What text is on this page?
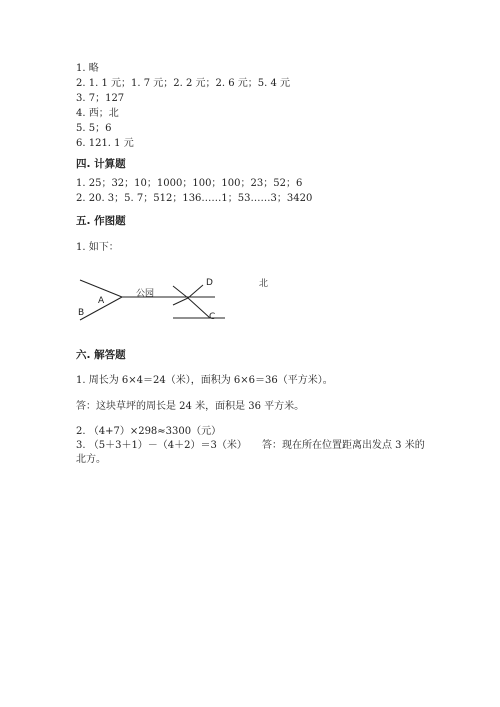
1. 略
2. 1. 1 元；1. 7 元；2. 2 元；2. 6 元；5. 4 元
3. 7；127
4. 西；北
5. 5；6
6. 121. 1 元
四. 计算题
1. 25；32；10；1000；100；100；23；52；6
2. 20. 3；5. 7；512；136……1；53……3；3420
五. 作图题
1. 如下：
A
B
公园
D
C
北
六. 解答题
1. 周长为 6×4＝24（米），面积为 6×6＝36（平方米）。
答：这块草坪的周长是 24 米，面积是 36 平方米。
2. （4+7）×298≈3300（元）
3. （5＋3＋1）－（4＋2）＝3（米） 答：现在所在位置距离出发点 3 米的
北方。
